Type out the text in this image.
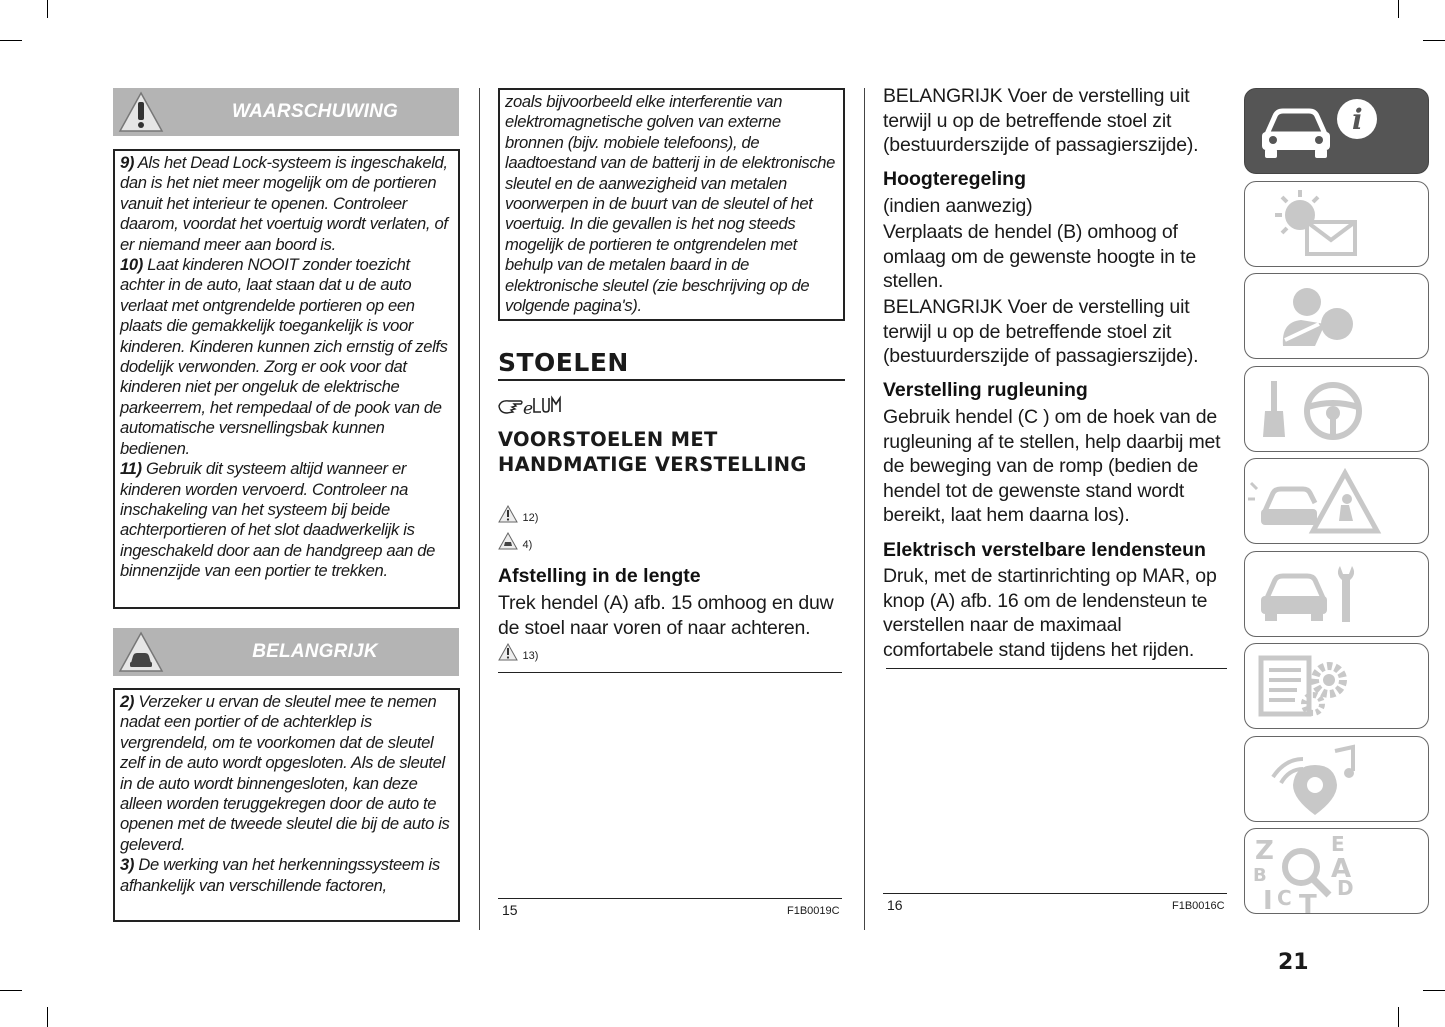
WAARSCHUWING

9) Als het Dead Lock-systeem is ingeschakeld, dan is het niet meer mogelijk om de portieren vanuit het interieur te openen. Controleer daarom, voordat het voertuig wordt verlaten, of er niemand meer aan boord is.

10) Laat kinderen NOOIT zonder toezicht achter in de auto, laat staan dat u de auto verlaat met ontgrendelde portieren op een plaats die gemakkelijk toegankelijk is voor kinderen. Kinderen kunnen zich ernstig of zelfs dodelijk verwonden. Zorg er ook voor dat kinderen niet per ongeluk de elektrische parkeerrem, het rempedaal of de pook van de automatische versnellingsbak kunnen bedienen.

11) Gebruik dit systeem altijd wanneer er kinderen worden vervoerd. Controleer na inschakeling van het systeem bij beide achterportieren of het slot daadwerkelijk is ingeschakeld door aan de handgreep aan de binnenzijde van een portier te trekken.

BELANGRIJK

2) Verzeker u ervan de sleutel mee te nemen nadat een portier of de achterklep is vergrendeld, om te voorkomen dat de sleutel zelf in de auto wordt opgesloten. Als de sleutel in de auto wordt binnengesloten, kan deze alleen worden teruggekregen door de auto te openen met de tweede sleutel die bij de auto is geleverd.

3) De werking van het herkenningssysteem is afhankelijk van verschillende factoren,

zoals bijvoorbeeld elke interferentie van elektromagnetische golven van externe bronnen (bijv. mobiele telefoons), de laadtoestand van de batterij in de elektronische sleutel en de aanwezigheid van metalen voorwerpen in de buurt van de sleutel of het voertuig. In die gevallen is het nog steeds mogelijk de portieren te ontgrendelen met behulp van de metalen baard in de elektronische sleutel (zie beschrijving op de volgende pagina's).

STOELEN
e
VOORSTOELEN MET HANDMATIGE VERSTELLING
12)
4)
Afstelling in de lengte
Trek hendel (A) afb. 15 omhoog en duw de stoel naar voren of naar achteren.
13)
15	F1B0019C
BELANGRIJK Voer de verstelling uit terwijl u op de betreffende stoel zit (bestuurderszijde of passagierszijde).
Hoogteregeling
(indien aanwezig)
Verplaats de hendel (B) omhoog of omlaag om de gewenste hoogte in te stellen.
BELANGRIJK Voer de verstelling uit terwijl u op de betreffende stoel zit (bestuurderszijde of passagierszijde).
Verstelling rugleuning
Gebruik hendel (C ) om de hoek van de rugleuning af te stellen, help daarbij met de beweging van de romp (bedien de hendel tot de gewenste stand wordt bereikt, laat hem daarna los).
Elektrisch verstelbare lendensteun
Druk, met de startinrichting op MAR, op knop (A) afb. 16 om de lendensteun te verstellen naar de maximaal comfortabele stand tijdens het rijden.
16	F1B0016C
i
Z	E
B A
I C T
D
21
